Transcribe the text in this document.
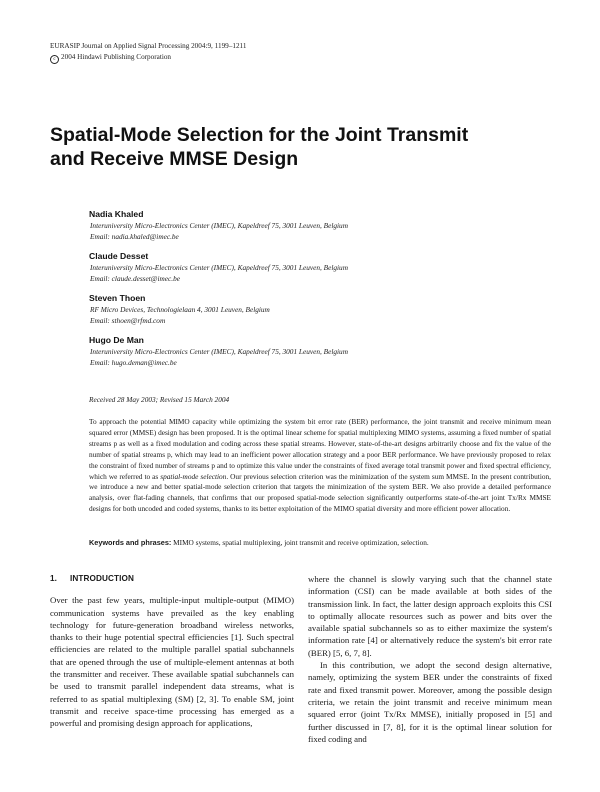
EURASIP Journal on Applied Signal Processing 2004:9, 1199–1211
c 2004 Hindawi Publishing Corporation
Spatial-Mode Selection for the Joint Transmit
and Receive MMSE Design
Nadia Khaled
Interuniversity Micro-Electronics Center (IMEC), Kapeldreef 75, 3001 Leuven, Belgium
Email: nadia.khaled@imec.be
Claude Desset
Interuniversity Micro-Electronics Center (IMEC), Kapeldreef 75, 3001 Leuven, Belgium
Email: claude.desset@imec.be
Steven Thoen
RF Micro Devices, Technologielaan 4, 3001 Leuven, Belgium
Email: sthoen@rfmd.com
Hugo De Man
Interuniversity Micro-Electronics Center (IMEC), Kapeldreef 75, 3001 Leuven, Belgium
Email: hugo.deman@imec.be
Received 28 May 2003; Revised 15 March 2004

To approach the potential MIMO capacity while optimizing the system bit error rate (BER) performance, the joint transmit and receive minimum mean squared error (MMSE) design has been proposed. It is the optimal linear scheme for spatial multiplexing MIMO systems, assuming a fixed number of spatial streams p as well as a fixed modulation and coding across these spatial streams. However, state-of-the-art designs arbitrarily choose and fix the value of the number of spatial streams p, which may lead to an inefficient power allocation strategy and a poor BER performance. We have previously proposed to relax the constraint of fixed number of streams p and to optimize this value under the constraints of fixed average total transmit power and fixed spectral efficiency, which we referred to as spatial-mode selection. Our previous selection criterion was the minimization of the system sum MMSE. In the present contribution, we introduce a new and better spatial-mode selection criterion that targets the minimization of the system BER. We also provide a detailed performance analysis, over flat-fading channels, that confirms that our proposed spatial-mode selection significantly outperforms state-of-the-art joint Tx/Rx MMSE designs for both uncoded and coded systems, thanks to its better exploitation of the MIMO spatial diversity and more efficient power allocation.

Keywords and phrases: MIMO systems, spatial multiplexing, joint transmit and receive optimization, selection.
1. INTRODUCTION

Over the past few years, multiple-input multiple-output (MIMO) communication systems have prevailed as the key enabling technology for future-generation broadband wireless networks, thanks to their huge potential spectral efficiencies [1]. Such spectral efficiencies are related to the multiple parallel spatial subchannels that are opened through the use of multiple-element antennas at both the transmitter and receiver. These available spatial subchannels can be used to transmit parallel independent data streams, what is referred to as spatial multiplexing (SM) [2, 3]. To enable SM, joint transmit and receive space-time processing has emerged as a powerful and promising design approach for applications,

where the channel is slowly varying such that the channel state information (CSI) can be made available at both sides of the transmission link. In fact, the latter design approach exploits this CSI to optimally allocate resources such as power and bits over the available spatial subchannels so as to either maximize the system's information rate [4] or alternatively reduce the system's bit error rate (BER) [5, 6, 7, 8].

In this contribution, we adopt the second design alternative, namely, optimizing the system BER under the constraints of fixed rate and fixed transmit power. Moreover, among the possible design criteria, we retain the joint transmit and receive minimum mean squared error (joint Tx/Rx MMSE), initially proposed in [5] and further discussed in [7, 8], for it is the optimal linear solution for fixed coding and
